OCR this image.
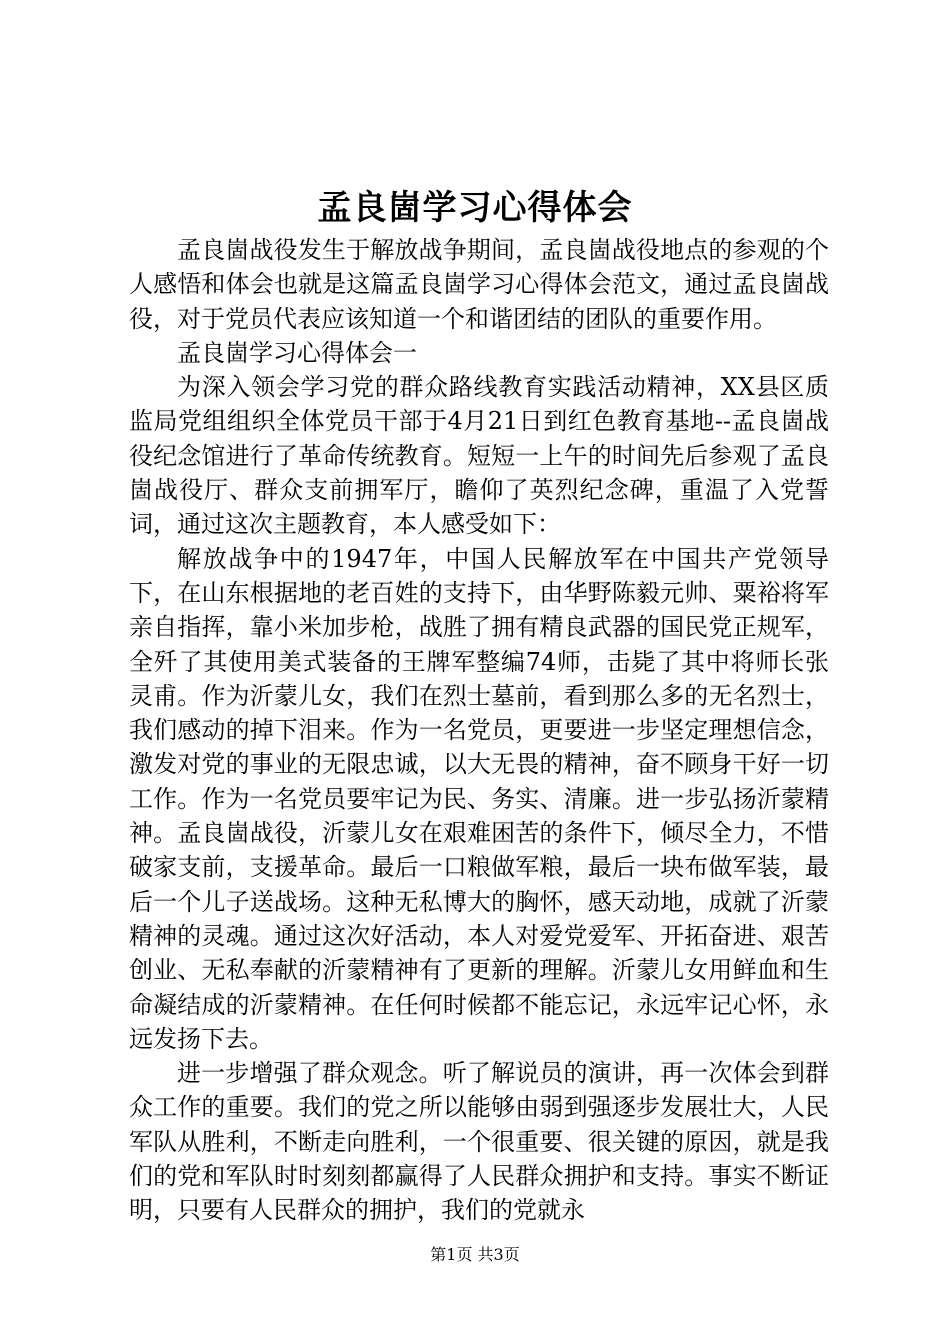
孟良崮学习心得体会

孟良崮战役发生于解放战争期间，孟良崮战役地点的参观的个人感悟和体会也就是这篇孟良崮学习心得体会范文，通过孟良崮战役，对于党员代表应该知道一个和谐团结的团队的重要作用。

孟良崮学习心得体会一

为深入领会学习党的群众路线教育实践活动精神，XX县区质监局党组组织全体党员干部于4月21日到红色教育基地--孟良崮战役纪念馆进行了革命传统教育。短短一上午的时间先后参观了孟良崮战役厅、群众支前拥军厅，瞻仰了英烈纪念碑，重温了入党誓词，通过这次主题教育，本人感受如下：

解放战争中的1947年，中国人民解放军在中国共产党领导下，在山东根据地的老百姓的支持下，由华野陈毅元帅、粟裕将军亲自指挥，靠小米加步枪，战胜了拥有精良武器的国民党正规军，全歼了其使用美式装备的王牌军整编74师，击毙了其中将师长张灵甫。作为沂蒙儿女，我们在烈士墓前，看到那么多的无名烈士，我们感动的掉下泪来。作为一名党员，更要进一步坚定理想信念，激发对党的事业的无限忠诚，以大无畏的精神，奋不顾身干好一切工作。作为一名党员要牢记为民、务实、清廉。进一步弘扬沂蒙精神。孟良崮战役，沂蒙儿女在艰难困苦的条件下，倾尽全力，不惜破家支前，支援革命。最后一口粮做军粮，最后一块布做军装，最后一个儿子送战场。这种无私博大的胸怀，感天动地，成就了沂蒙精神的灵魂。通过这次好活动，本人对爱党爱军、开拓奋进、艰苦创业、无私奉献的沂蒙精神有了更新的理解。沂蒙儿女用鲜血和生命凝结成的沂蒙精神。在任何时候都不能忘记，永远牢记心怀，永远发扬下去。

进一步增强了群众观念。听了解说员的演讲，再一次体会到群众工作的重要。我们的党之所以能够由弱到强逐步发展壮大，人民军队从胜利，不断走向胜利，一个很重要、很关键的原因，就是我们的党和军队时时刻刻都赢得了人民群众拥护和支持。事实不断证明，只要有人民群众的拥护，我们的党就永

第1页 共3页
